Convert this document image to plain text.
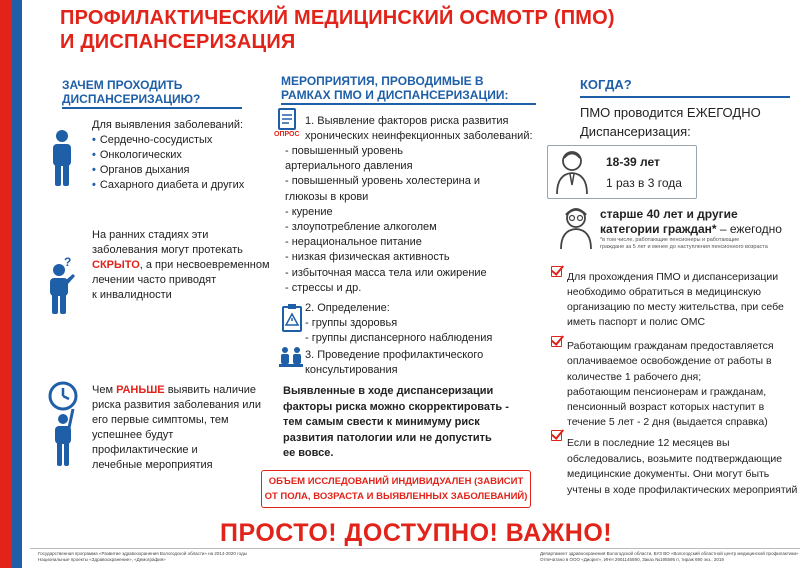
ПРОФИЛАКТИЧЕСКИЙ МЕДИЦИНСКИЙ ОСМОТР (ПМО)
И ДИСПАНСЕРИЗАЦИЯ
ЗАЧЕМ ПРОХОДИТЬ
ДИСПАНСЕРИЗАЦИЮ?
Для выявления заболеваний:
• Сердечно-сосудистых
• Онкологических
• Органов дыхания
• Сахарного диабета и других
?
На ранних стадиях эти
заболевания могут протекать
СКРЫТО, а при несвоевременном
лечении часто приводят
к инвалидности
Чем РАНЬШЕ выявить наличие
риска развития заболевания или
его первые симптомы, тем
успешнее будут
профилактические и
лечебные мероприятия
МЕРОПРИЯТИЯ, ПРОВОДИМЫЕ В
РАМКАХ ПМО И ДИСПАНСЕРИЗАЦИИ:
ОПРОС
1. Выявление факторов риска развития
хронических неинфекционных заболеваний:
- повышенный уровень
артериального давления
- повышенный уровень холестерина и
глюкозы в крови
- курение
- злоупотребление алкоголем
- нерациональное питание
- низкая физическая активность
- избыточная масса тела или ожирение
- стрессы и др.
2. Определение:
- группы здоровья
- группы диспансерного наблюдения
3. Проведение профилактического
консультирования
Выявленные в ходе диспансеризации
факторы риска можно скорректировать -
тем самым свести к минимуму риск
развития патологии или не допустить
ее вовсе.
ОБЪЕМ ИССЛЕДОВАНИЙ ИНДИВИДУАЛЕН (ЗАВИСИТ
ОТ ПОЛА, ВОЗРАСТА И ВЫЯВЛЕННЫХ ЗАБОЛЕВАНИЙ)
КОГДА?
ПМО проводится ЕЖЕГОДНО
Диспансеризация:
18-39 лет
1 раз в 3 года
старше 40 лет и другие
категории граждан* – ежегодно
*в том числе, работающие пенсионеры и работающие
граждане за 5 лет и менее до наступления пенсионного возраста
Для прохождения ПМО и диспансеризации
необходимо обратиться в медицинскую
организацию по месту жительства, при себе
иметь паспорт и полис ОМС
Работающим гражданам предоставляется
оплачиваемое освобождение от работы в
количестве 1 рабочего дня;
работающим пенсионерам и гражданам,
пенсионный возраст которых наступит в
течение 5 лет - 2 дня (выдается справка)
Если в последние 12 месяцев вы
обследовались, возьмите подтверждающие
медицинские документы. Они могут быть
учтены в ходе профилактических мероприятий
ПРОСТО! ДОСТУПНО! ВАЖНО!
Государственная программа «Развитие здравоохранения Вологодской области» на 2014-2020 годы
Национальные проекты «Здравоохранение», «Демография»
Департамент здравоохранения Вологодской области, БУЗ ВО «Вологодский областной центр медицинской профилактики»
Отпечатано в ООО «Диорит», ИНН 2901145590, Заказ №195595 п, тираж 690 экз., 2019
